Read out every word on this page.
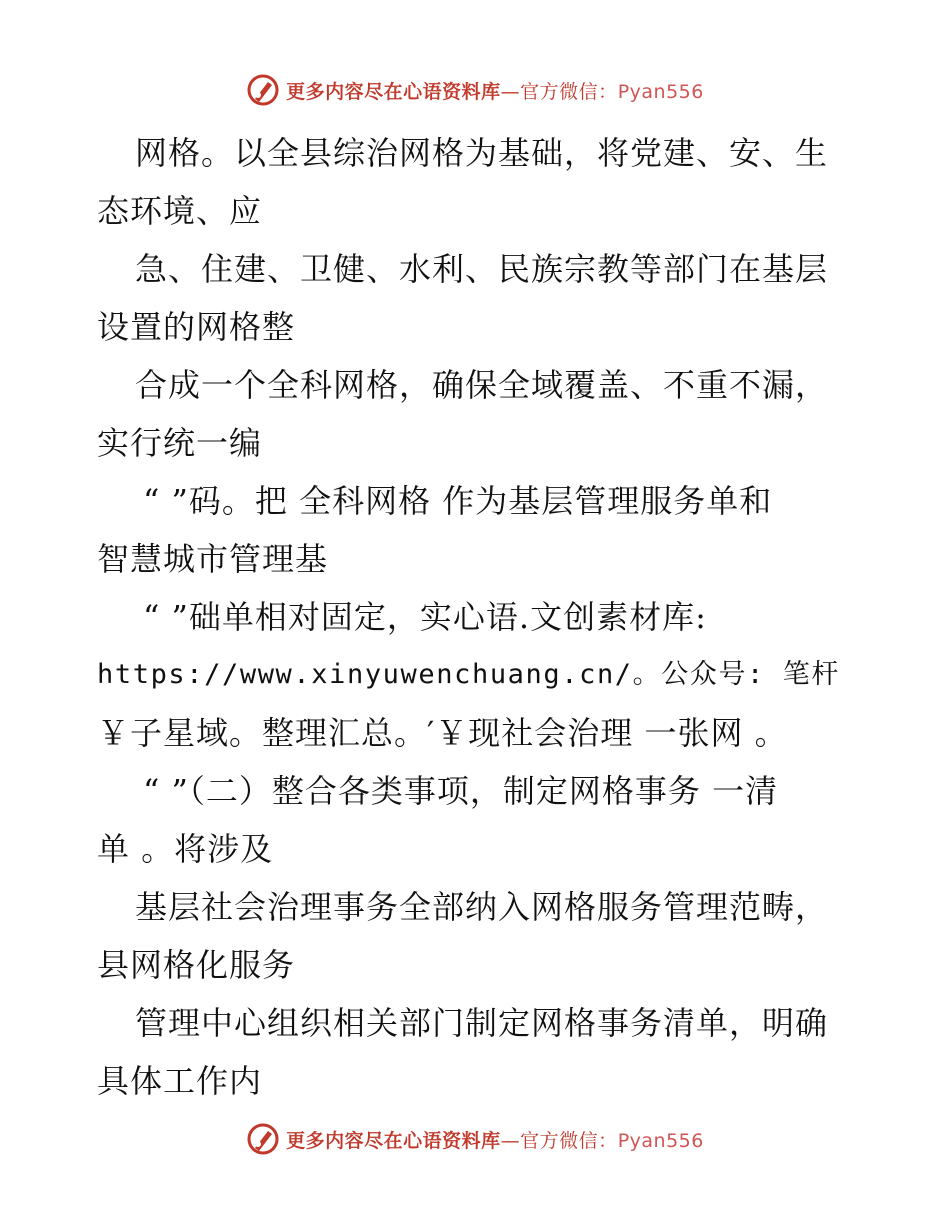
更多内容尽在心语资料库—官方微信：Pyan556
网格。以全县综治网格为基础，将党建、安、生
态环境、应
急、住建、卫健、水利、民族宗教等部门在基层
设置的网格整
合成一个全科网格，确保全域覆盖、不重不漏，
实行统一编
“ ”码。把 全科网格 作为基层管理服务单和
智慧城市管理基
“ ”础单相对固定，实心语.文创素材库:
https://www.xinyuwenchuang.cn/。公众号: 笔杆
￥子星域。整理汇总。′￥现社会治理 一张网 。
“ ”（二）整合各类事项，制定网格事务 一清
单 。将涉及
基层社会治理事务全部纳入网格服务管理范畴，
县网格化服务
管理中心组织相关部门制定网格事务清单，明确
具体工作内
更多内容尽在心语资料库—官方微信：Pyan556
